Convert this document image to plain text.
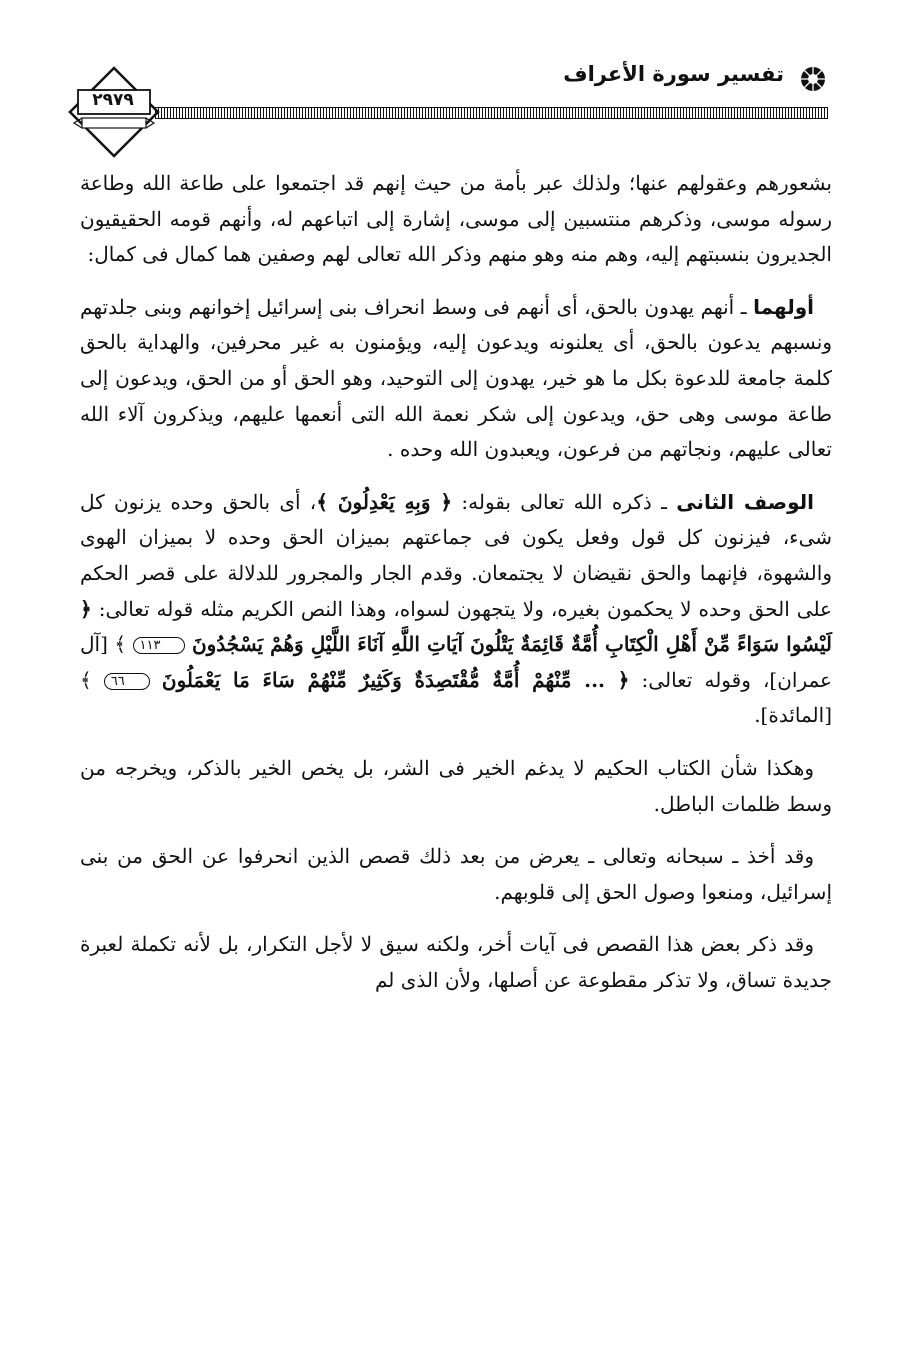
تفسير سورة الأعراف
٢٩٧٩

بشعورهم وعقولهم عنها؛ ولذلك عبر بأمة من حيث إنهم قد اجتمعوا على طاعة الله وطاعة رسوله موسى، وذكرهم منتسبين إلى موسى، إشارة إلى اتباعهم له، وأنهم قومه الحقيقيون الجديرون بنسبتهم إليه، وهم منه وهو منهم وذكر الله تعالى لهم وصفين هما كمال فى كمال:

أولهما ـ أنهم يهدون بالحق، أى أنهم فى وسط انحراف بنى إسرائيل إخوانهم وبنى جلدتهم ونسبهم يدعون بالحق، أى يعلنونه ويدعون إليه، ويؤمنون به غير محرفين، والهداية بالحق كلمة جامعة للدعوة بكل ما هو خير، يهدون إلى التوحيد، وهو الحق أو من الحق، ويدعون إلى طاعة موسى وهى حق، ويدعون إلى شكر نعمة الله التى أنعمها عليهم، ويذكرون آلاء الله تعالى عليهم، ونجاتهم من فرعون، ويعبدون الله وحده .

الوصف الثانى ـ ذكره الله تعالى بقوله: ﴿ وَبِهِ يَعْدِلُونَ ﴾، أى بالحق وحده يزنون كل شىء، فيزنون كل قول وفعل يكون فى جماعتهم بميزان الحق وحده لا بميزان الهوى والشهوة، فإنهما والحق نقيضان لا يجتمعان. وقدم الجار والمجرور للدلالة على قصر الحكم على الحق وحده لا يحكمون بغيره، ولا يتجهون لسواه، وهذا النص الكريم مثله قوله تعالى: ﴿ لَيْسُوا سَوَاءً مِّنْ أَهْلِ الْكِتَابِ أُمَّةٌ قَائِمَةٌ يَتْلُونَ آيَاتِ اللَّهِ آنَاءَ اللَّيْلِ وَهُمْ يَسْجُدُونَ ١١٣ ﴾ [آل عمران]، وقوله تعالى: ﴿ ... مِّنْهُمْ أُمَّةٌ مُّقْتَصِدَةٌ وَكَثِيرٌ مِّنْهُمْ سَاءَ مَا يَعْمَلُونَ ٦٦ ﴾ [المائدة].

وهكذا شأن الكتاب الحكيم لا يدغم الخير فى الشر، بل يخص الخير بالذكر، ويخرجه من وسط ظلمات الباطل.

وقد أخذ ـ سبحانه وتعالى ـ يعرض من بعد ذلك قصص الذين انحرفوا عن الحق من بنى إسرائيل، ومنعوا وصول الحق إلى قلوبهم.

وقد ذكر بعض هذا القصص فى آيات أخر، ولكنه سيق لا لأجل التكرار، بل لأنه تكملة لعبرة جديدة تساق، ولا تذكر مقطوعة عن أصلها، ولأن الذى لم
